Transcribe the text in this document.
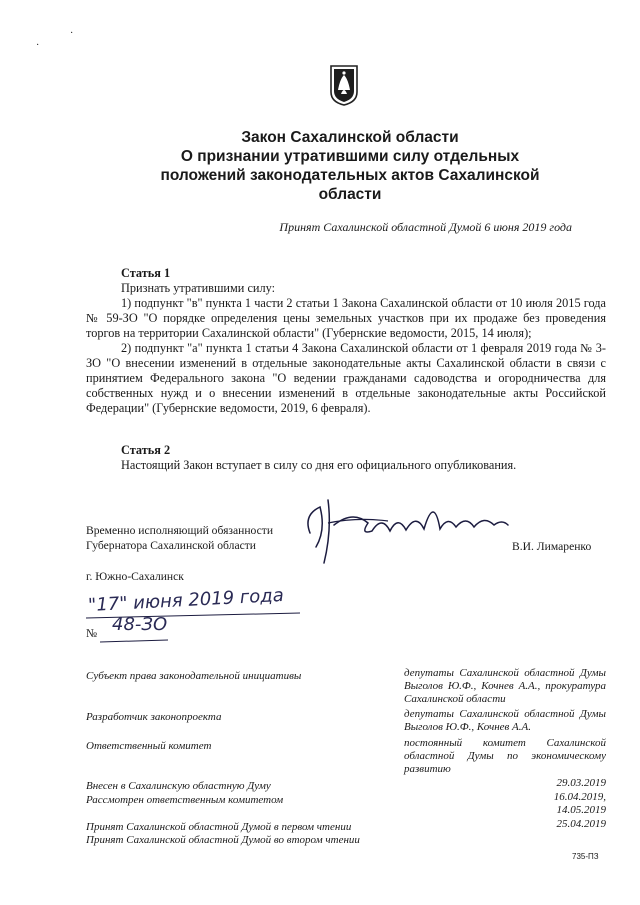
·
·
Закон Сахалинской области
О признании утратившими силу отдельных
положений законодательных актов Сахалинской
области
Принят Сахалинской областной Думой 6 июня 2019 года
Статья 1
Признать утратившими силу:
1) подпункт "в" пункта 1 части 2 статьи 1 Закона Сахалинской области от 10 июля 2015 года № 59-ЗО "О порядке определения цены земельных участков при их продаже без проведения торгов на территории Сахалинской области" (Губернские ведомости, 2015, 14 июля);
2) подпункт "а" пункта 1 статьи 4 Закона Сахалинской области от 1 февраля 2019 года № 3-ЗО "О внесении изменений в отдельные законодательные акты Сахалинской области в связи с принятием Федерального закона "О ведении гражданами садоводства и огородничества для собственных нужд и о внесении изменений в отдельные законодательные акты Российской Федерации" (Губернские ведомости, 2019, 6 февраля).
Статья 2
Настоящий Закон вступает в силу со дня его официального опубликования.
Временно исполняющий обязанности
Губернатора Сахалинской области	В.И. Лимаренко
г. Южно-Сахалинск
"17" июня 2019 года
№ 48-ЗО
Субъект права законодательной инициативы	депутаты Сахалинской областной Думы Выголов Ю.Ф., Кочнев А.А., прокуратура Сахалинской области
Разработчик законопроекта	депутаты Сахалинской областной Думы Выголов Ю.Ф., Кочнев А.А.
Ответственный комитет	постоянный комитет Сахалинской областной Думы по экономическому развитию
Внесен в Сахалинскую областную Думу	29.03.2019
Рассмотрен ответственным комитетом	16.04.2019,
14.05.2019
Принят Сахалинской областной Думой в первом чтении	25.04.2019
Принят Сахалинской областной Думой во втором чтении
735-ПЗ
